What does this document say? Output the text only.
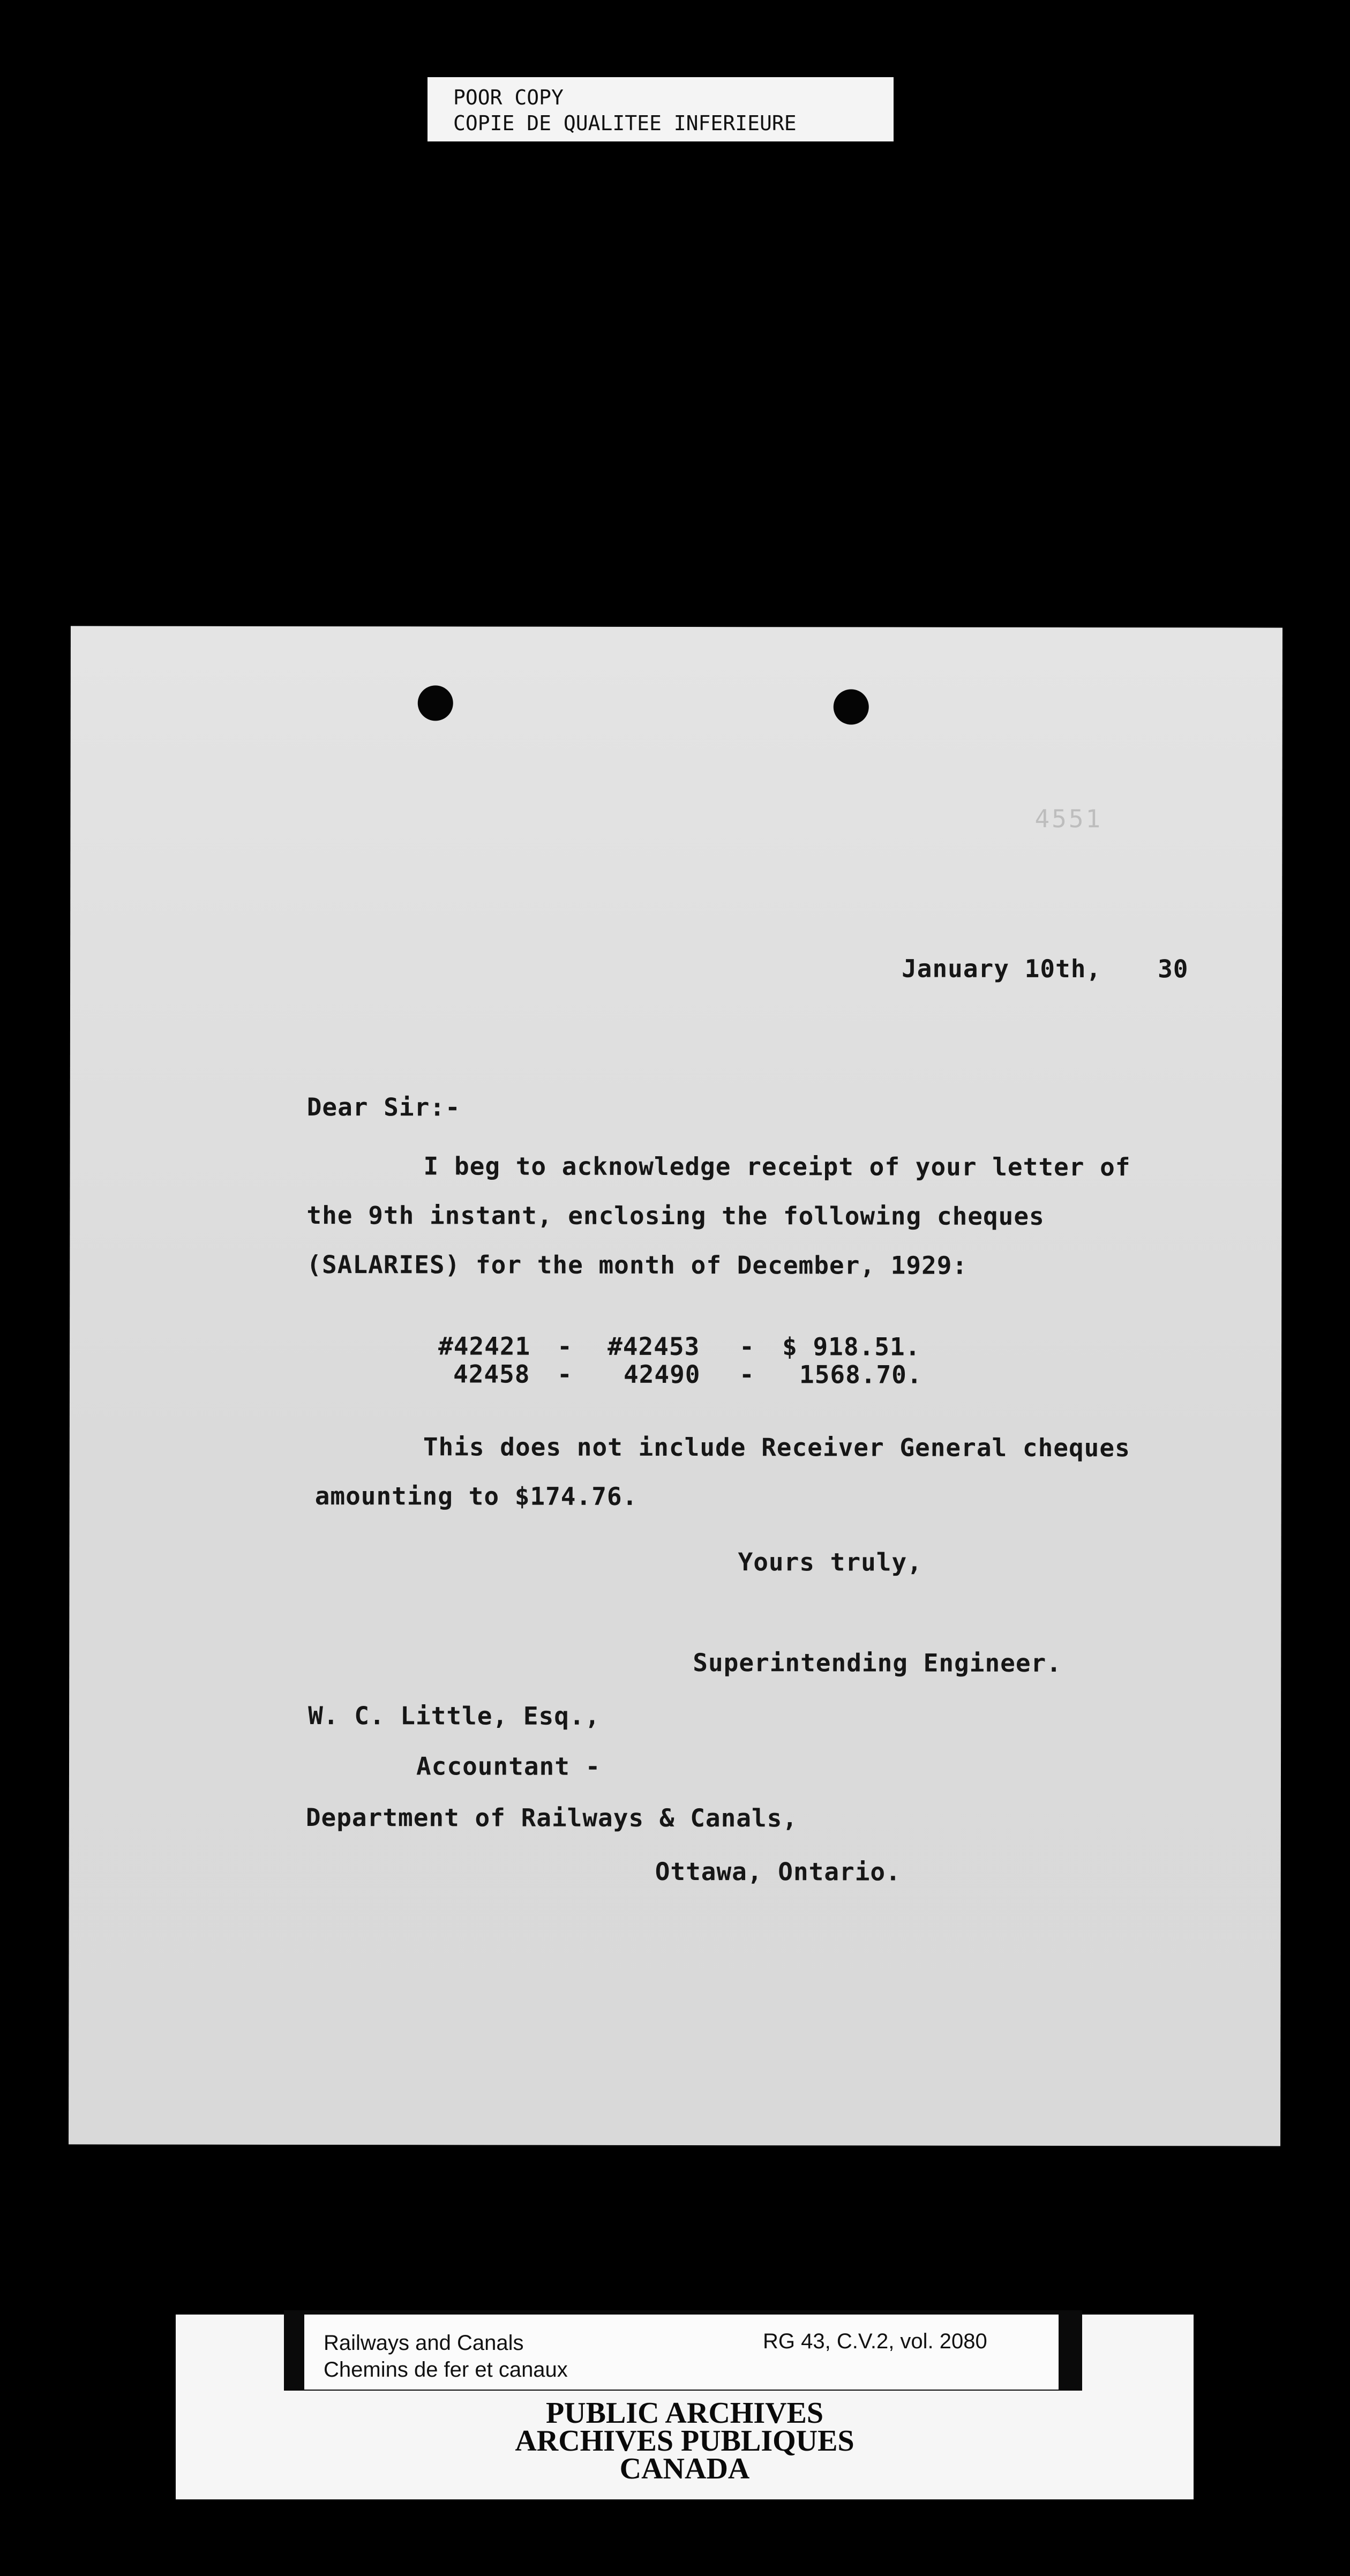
POOR COPY
COPIE DE QUALITEE INFERIEURE
4551
January 10th, 30
Dear Sir:-
I beg to acknowledge receipt of your letter of
the 9th instant, enclosing the following cheques
(SALARIES) for the month of December, 1929:
#42421 - #42453 - $ 918.51.
42458 - 42490 - 1568.70.
This does not include Receiver General cheques
amounting to $174.76.
Yours truly,
Superintending Engineer.
W. C. Little, Esq.,
Accountant -
Department of Railways & Canals,
Ottawa, Ontario.
Railways and Canals
Chemins de fer et canaux
RG 43, C.V.2, vol. 2080
PUBLIC ARCHIVES
ARCHIVES PUBLIQUES
CANADA
